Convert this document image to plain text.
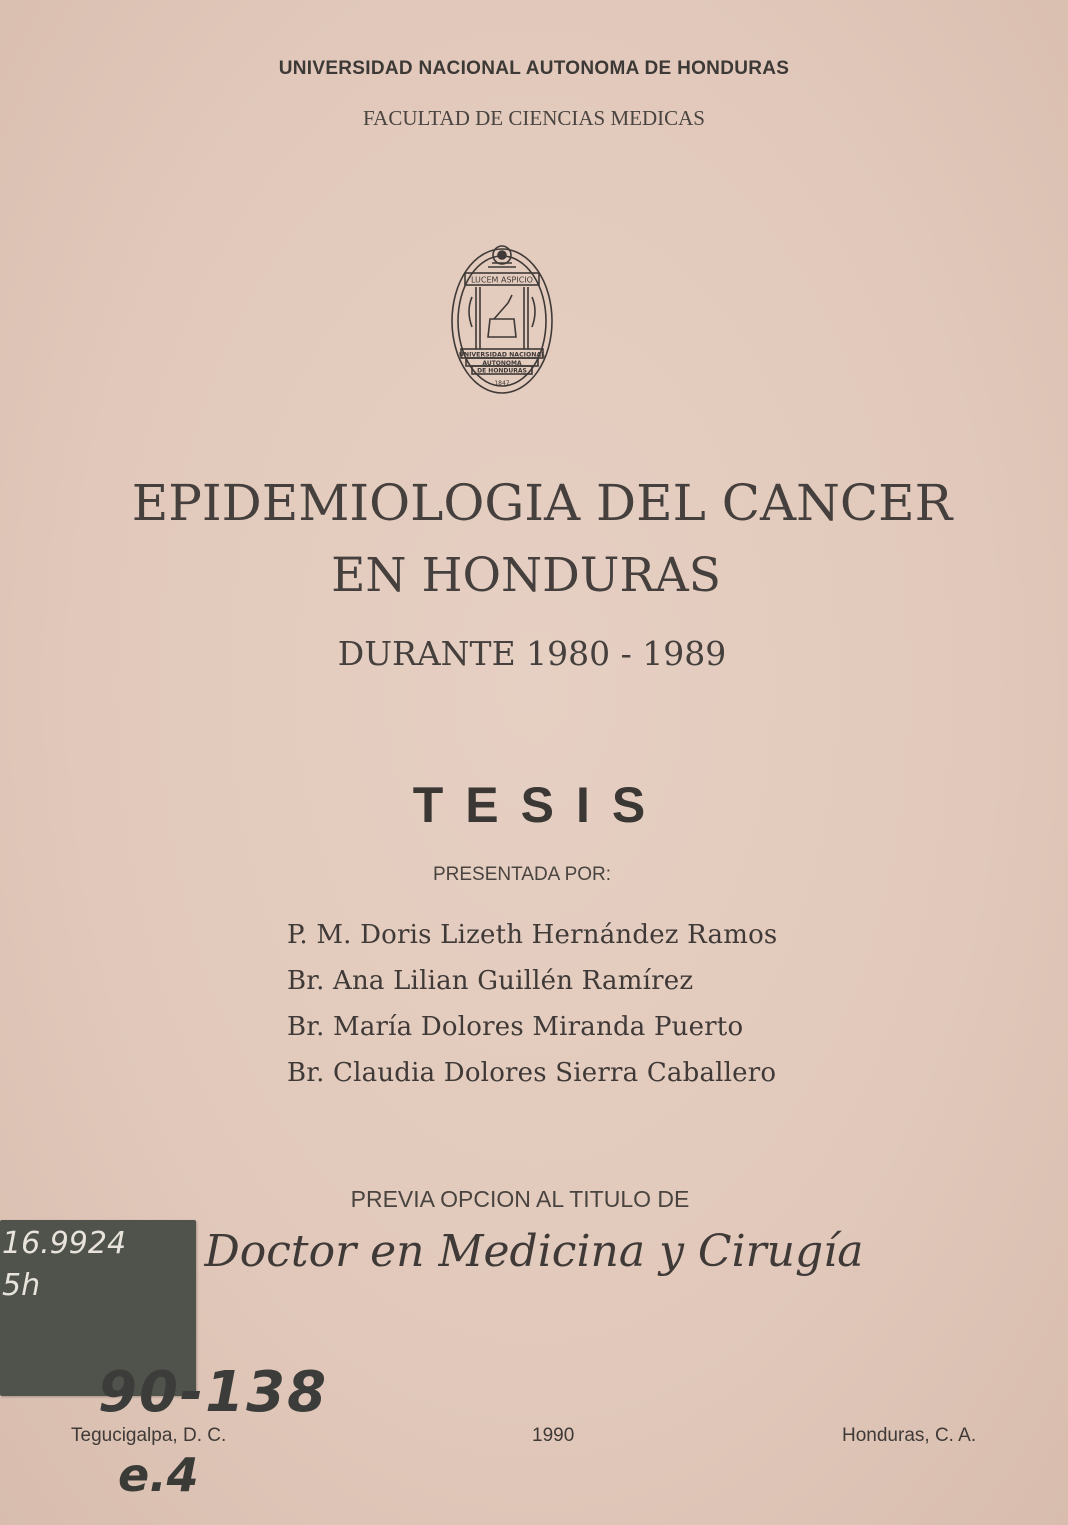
UNIVERSIDAD NACIONAL AUTONOMA DE HONDURAS
FACULTAD DE CIENCIAS MEDICAS
LUCEM ASPICIO
UNIVERSIDAD NACIONAL
AUTONOMA
DE HONDURAS
1847
EPIDEMIOLOGIA DEL CANCER
EN HONDURAS
DURANTE 1980 - 1989
TESIS
PRESENTADA POR:
P. M. Doris Lizeth Hernández Ramos
Br. Ana Lilian Guillén Ramírez
Br. María Dolores Miranda Puerto
Br. Claudia Dolores Sierra Caballero
PREVIA OPCION AL TITULO DE
Doctor en Medicina y Cirugía
16.9924
5h
90-138
Tegucigalpa, D. C.	1990	Honduras, C. A.
e.4
